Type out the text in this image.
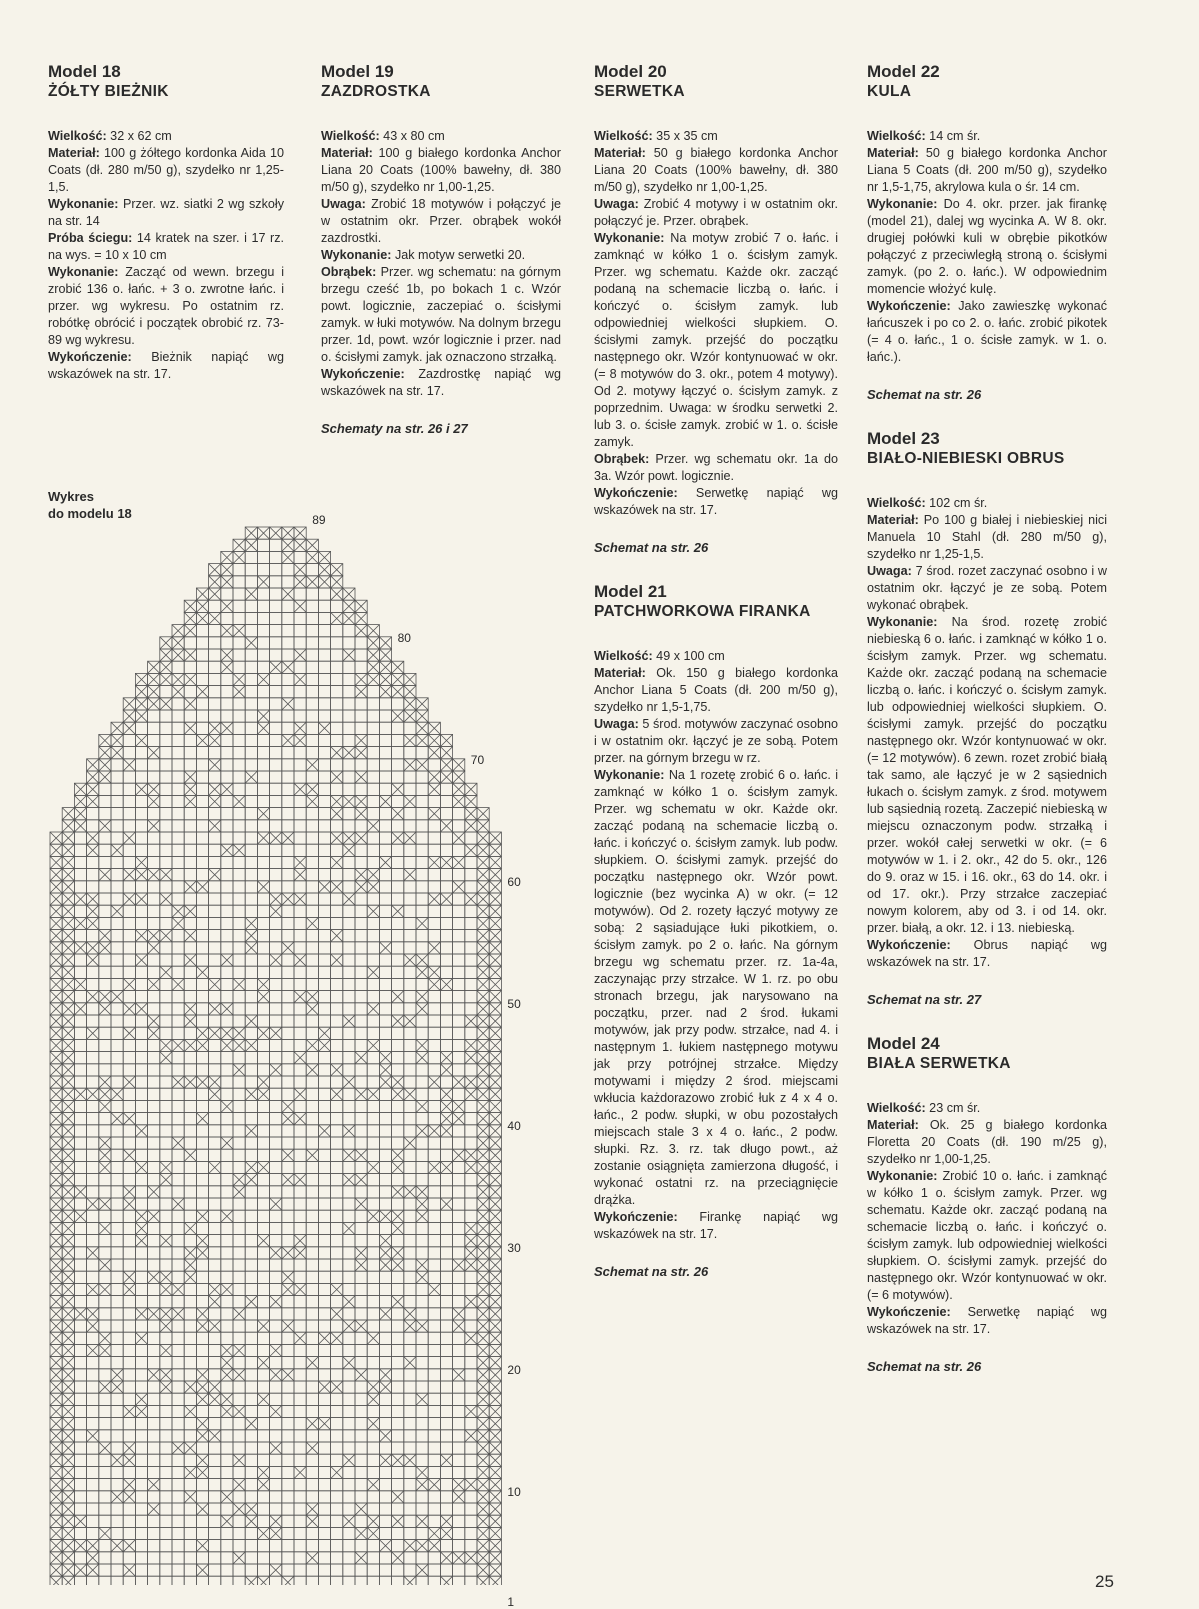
Model 18
ŻÓŁTY BIEŻNIK

Wielkość: 32 x 62 cm

Materiał: 100 g żółtego kordonka Aida 10 Coats (dł. 280 m/50 g), szydełko nr 1,25-1,5.

Wykonanie: Przer. wz. siatki 2 wg szkoły na str. 14

Próba ściegu: 14 kratek na szer. i 17 rz. na wys. = 10 x 10 cm

Wykonanie: Zacząć od wewn. brzegu i zrobić 136 o. łańc. + 3 o. zwrotne łańc. i przer. wg wykresu. Po ostatnim rz. robótkę obrócić i początek obrobić rz. 73-89 wg wykresu.

Wykończenie: Bieżnik napiąć wg wskazówek na str. 17.

Wykres
do modelu 18
Model 19
ZAZDROSTKA

Wielkość: 43 x 80 cm

Materiał: 100 g białego kordonka Anchor Liana 20 Coats (100% bawełny, dł. 380 m/50 g), szydełko nr 1,00-1,25.

Uwaga: Zrobić 18 motywów i połączyć je w ostatnim okr. Przer. obrąbek wokół zazdrostki.

Wykonanie: Jak motyw serwetki 20.

Obrąbek: Przer. wg schematu: na górnym brzegu cześć 1b, po bokach 1 c. Wzór powt. logicznie, zaczepiać o. ścisłymi zamyk. w łuki motywów. Na dolnym brzegu przer. 1d, powt. wzór logicznie i przer. nad o. ścisłymi zamyk. jak oznaczono strzałką.

Wykończenie: Zazdrostkę napiąć wg wskazówek na str. 17.

Schematy na str. 26 i 27

Model 20
SERWETKA

Wielkość: 35 x 35 cm

Materiał: 50 g białego kordonka Anchor Liana 20 Coats (100% bawełny, dł. 380 m/50 g), szydełko nr 1,00-1,25.

Uwaga: Zrobić 4 motywy i w ostatnim okr. połączyć je. Przer. obrąbek.

Wykonanie: Na motyw zrobić 7 o. łańc. i zamknąć w kółko 1 o. ścisłym zamyk. Przer. wg schematu. Każde okr. zacząć podaną na schemacie liczbą o. łańc. i kończyć o. ścisłym zamyk. lub odpowiedniej wielkości słupkiem. O. ścisłymi zamyk. przejść do początku następnego okr. Wzór kontynuować w okr. (= 8 motywów do 3. okr., potem 4 motywy). Od 2. motywy łączyć o. ścisłym zamyk. z poprzednim. Uwaga: w środku serwetki 2. lub 3. o. ścisłe zamyk. zrobić w 1. o. ścisłe zamyk.

Obrąbek: Przer. wg schematu okr. 1a do 3a. Wzór powt. logicznie.

Wykończenie: Serwetkę napiąć wg wskazówek na str. 17.

Schemat na str. 26

Model 21
PATCHWORKOWA FIRANKA

Wielkość: 49 x 100 cm

Materiał: Ok. 150 g białego kordonka Anchor Liana 5 Coats (dł. 200 m/50 g), szydełko nr 1,5-1,75.

Uwaga: 5 środ. motywów zaczynać osobno i w ostatnim okr. łączyć je ze sobą. Potem przer. na górnym brzegu w rz.

Wykonanie: Na 1 rozetę zrobić 6 o. łańc. i zamknąć w kółko 1 o. ścisłym zamyk. Przer. wg schematu w okr. Każde okr. zacząć podaną na schemacie liczbą o. łańc. i kończyć o. ścisłym zamyk. lub podw. słupkiem. O. ścisłymi zamyk. przejść do początku następnego okr. Wzór powt. logicznie (bez wycinka A) w okr. (= 12 motywów). Od 2. rozety łączyć motywy ze sobą: 2 sąsiadujące łuki pikotkiem, o. ścisłym zamyk. po 2 o. łańc. Na górnym brzegu wg schematu przer. rz. 1a-4a, zaczynając przy strzałce. W 1. rz. po obu stronach brzegu, jak narysowano na początku, przer. nad 2 środ. łukami motywów, jak przy podw. strzałce, nad 4. i następnym 1. łukiem następnego motywu jak przy potrójnej strzałce. Między motywami i między 2 środ. miejscami wkłucia każdorazowo zrobić łuk z 4 x 4 o. łańc., 2 podw. słupki, w obu pozostałych miejscach stale 3 x 4 o. łańc., 2 podw. słupki. Rz. 3. rz. tak długo powt., aż zostanie osiągnięta zamierzona długość, i wykonać ostatni rz. na przeciągnięcie drążka.

Wykończenie: Firankę napiąć wg wskazówek na str. 17.

Schemat na str. 26

Model 22
KULA

Wielkość: 14 cm śr.

Materiał: 50 g białego kordonka Anchor Liana 5 Coats (dł. 200 m/50 g), szydełko nr 1,5-1,75, akrylowa kula o śr. 14 cm.

Wykonanie: Do 4. okr. przer. jak firankę (model 21), dalej wg wycinka A. W 8. okr. drugiej połówki kuli w obrębie pikotków połączyć z przeciwległą stroną o. ścisłymi zamyk. (po 2. o. łańc.). W odpowiednim momencie włożyć kulę.

Wykończenie: Jako zawieszkę wykonać łańcuszek i po co 2. o. łańc. zrobić pikotek (= 4 o. łańc., 1 o. ścisłe zamyk. w 1. o. łańc.).

Schemat na str. 26

Model 23
BIAŁO-NIEBIESKI OBRUS

Wielkość: 102 cm śr.

Materiał: Po 100 g białej i niebieskiej nici Manuela 10 Stahl (dł. 280 m/50 g), szydełko nr 1,25-1,5.

Uwaga: 7 środ. rozet zaczynać osobno i w ostatnim okr. łączyć je ze sobą. Potem wykonać obrąbek.

Wykonanie: Na środ. rozetę zrobić niebieską 6 o. łańc. i zamknąć w kółko 1 o. ścisłym zamyk. Przer. wg schematu. Każde okr. zacząć podaną na schemacie liczbą o. łańc. i kończyć o. ścisłym zamyk. lub odpowiedniej wielkości słupkiem. O. ścisłymi zamyk. przejść do początku następnego okr. Wzór kontynuować w okr. (= 12 motywów). 6 zewn. rozet zrobić białą tak samo, ale łączyć je w 2 sąsiednich łukach o. ścisłym zamyk. z środ. motywem lub sąsiednią rozetą. Zaczepić niebieską w miejscu oznaczonym podw. strzałką i przer. wokół całej serwetki w okr. (= 6 motywów w 1. i 2. okr., 42 do 5. okr., 126 do 9. oraz w 15. i 16. okr., 63 do 14. okr. i od 17. okr.). Przy strzałce zaczepiać nowym kolorem, aby od 3. i od 14. okr. przer. białą, a okr. 12. i 13. niebieską.

Wykończenie: Obrus napiąć wg wskazówek na str. 17.

Schemat na str. 27

Model 24
BIAŁA SERWETKA

Wielkość: 23 cm śr.

Materiał: Ok. 25 g białego kordonka Floretta 20 Coats (dł. 190 m/25 g), szydełko nr 1,00-1,25.

Wykonanie: Zrobić 10 o. łańc. i zamknąć w kółko 1 o. ścisłym zamyk. Przer. wg schematu. Każde okr. zacząć podaną na schemacie liczbą o. łańc. i kończyć o. ścisłym zamyk. lub odpowiedniej wielkości słupkiem. O. ścisłymi zamyk. przejść do następnego okr. Wzór kontynuować w okr. (= 6 motywów).

Wykończenie: Serwetkę napiąć wg wskazówek na str. 17.

Schemat na str. 26

89
80
70
60
50
40
30
20
10
1
25
